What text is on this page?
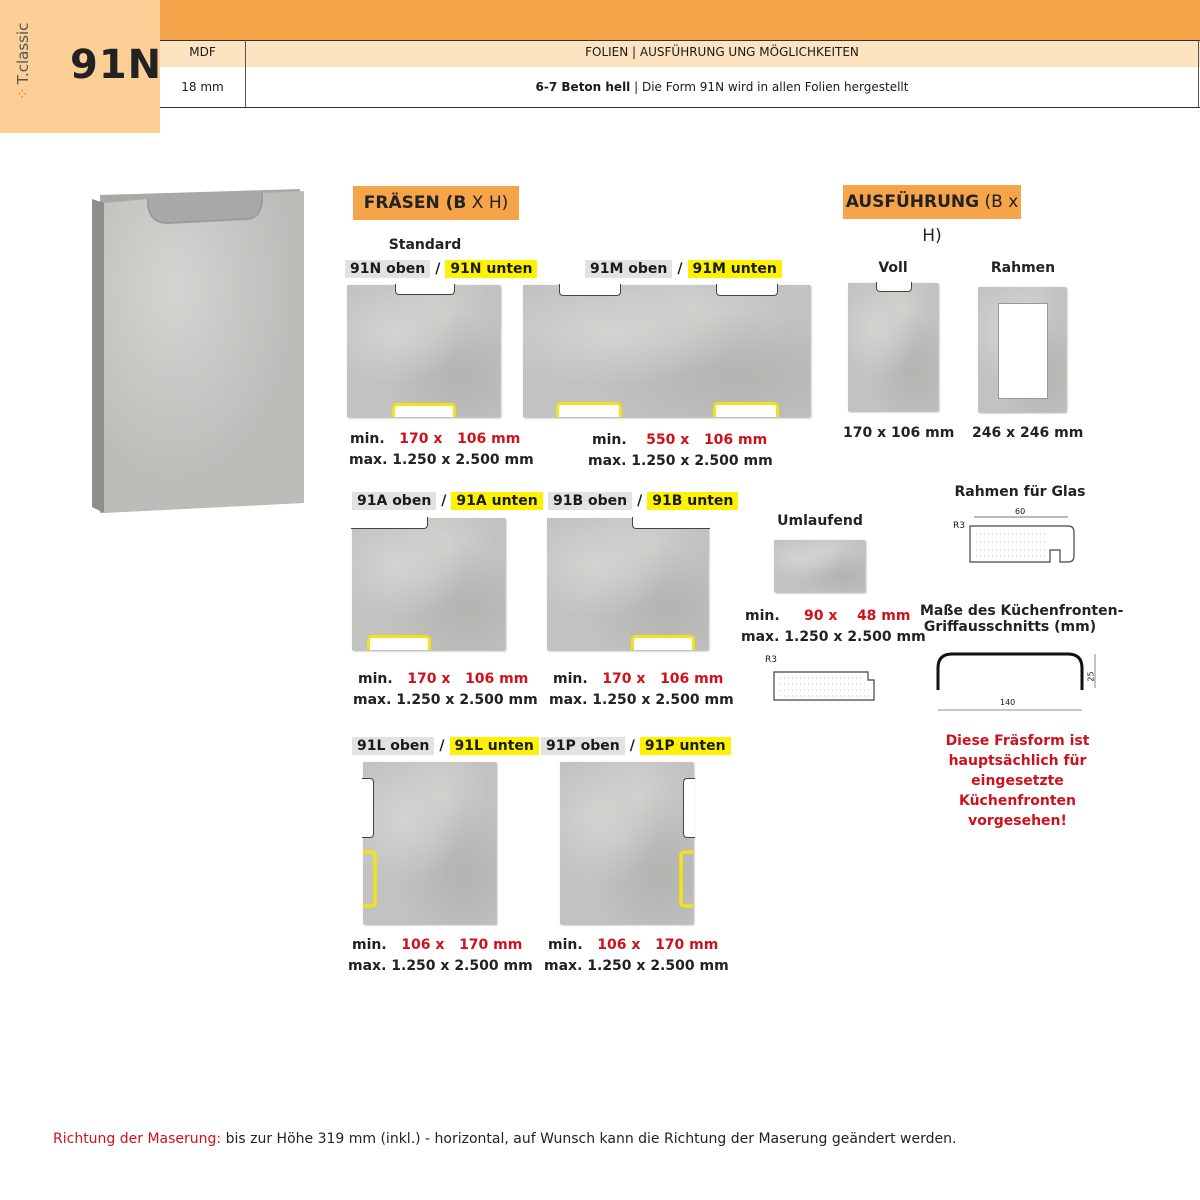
⁘T.classic 91N	MDF	FOLIEN | AUSFÜHRUNG UNG MÖGLICHKEITEN
18 mm	6-7 Beton hell | Die Form 91N wird in allen Folien hergestellt
FRÄSEN (B X H)
Standard
91N oben / 91N unten
min. 170 x 106 mm
max. 1.250 x 2.500 mm
91M oben / 91M unten
min. 550 x 106 mm
max. 1.250 x 2.500 mm
91A oben / 91A unten
min. 170 x 106 mm
max. 1.250 x 2.500 mm
91B oben / 91B unten
min. 170 x 106 mm
max. 1.250 x 2.500 mm
91L oben / 91L unten
min. 106 x 170 mm
max. 1.250 x 2.500 mm
91P oben / 91P unten
min. 106 x 170 mm
max. 1.250 x 2.500 mm
AUSFÜHRUNG (B x H)
Voll
170 x 106 mm
Rahmen
246 x 246 mm
Umlaufend
min. 90 x 48 mm
max. 1.250 x 2.500 mm
R3
Rahmen für Glas
R3
60
Maße des Küchenfronten-
Griffausschnitts (mm)
140
25
Diese Fräsform ist
hauptsächlich für
eingesetzte Küchenfronten
vorgesehen!
Richtung der Maserung: bis zur Höhe 319 mm (inkl.) - horizontal, auf Wunsch kann die Richtung der Maserung geändert werden.
